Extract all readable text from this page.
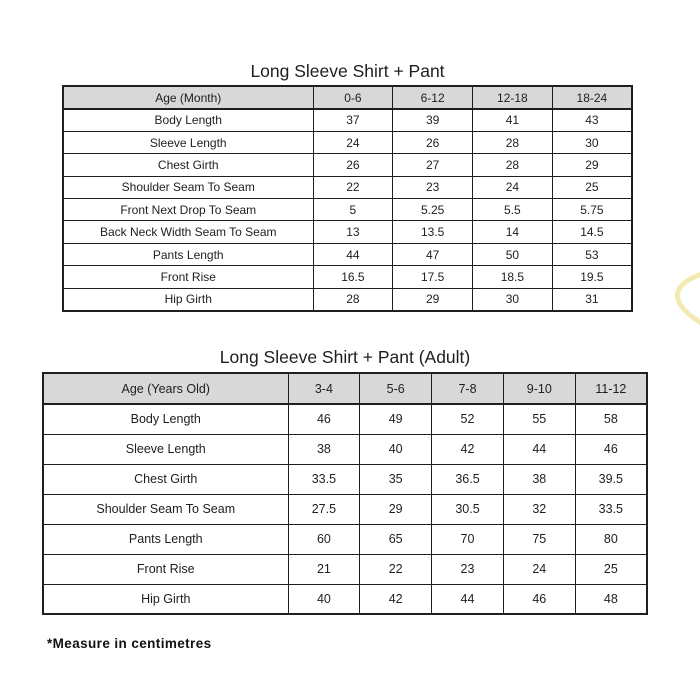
Long Sleeve Shirt + Pant
Age (Month)	0-6	6-12	12-18	18-24
Body Length	37	39	41	43
Sleeve Length	24	26	28	30
Chest Girth	26	27	28	29
Shoulder Seam To Seam	22	23	24	25
Front Next Drop To Seam	5	5.25	5.5	5.75
Back Neck Width Seam To Seam	13	13.5	14	14.5
Pants Length	44	47	50	53
Front Rise	16.5	17.5	18.5	19.5
Hip Girth	28	29	30	31
Long Sleeve Shirt + Pant (Adult)
Age (Years Old)	3-4	5-6	7-8	9-10	11-12
Body Length	46	49	52	55	58
Sleeve Length	38	40	42	44	46
Chest Girth	33.5	35	36.5	38	39.5
Shoulder Seam To Seam	27.5	29	30.5	32	33.5
Pants Length	60	65	70	75	80
Front Rise	21	22	23	24	25
Hip Girth	40	42	44	46	48
*Measure in centimetres
